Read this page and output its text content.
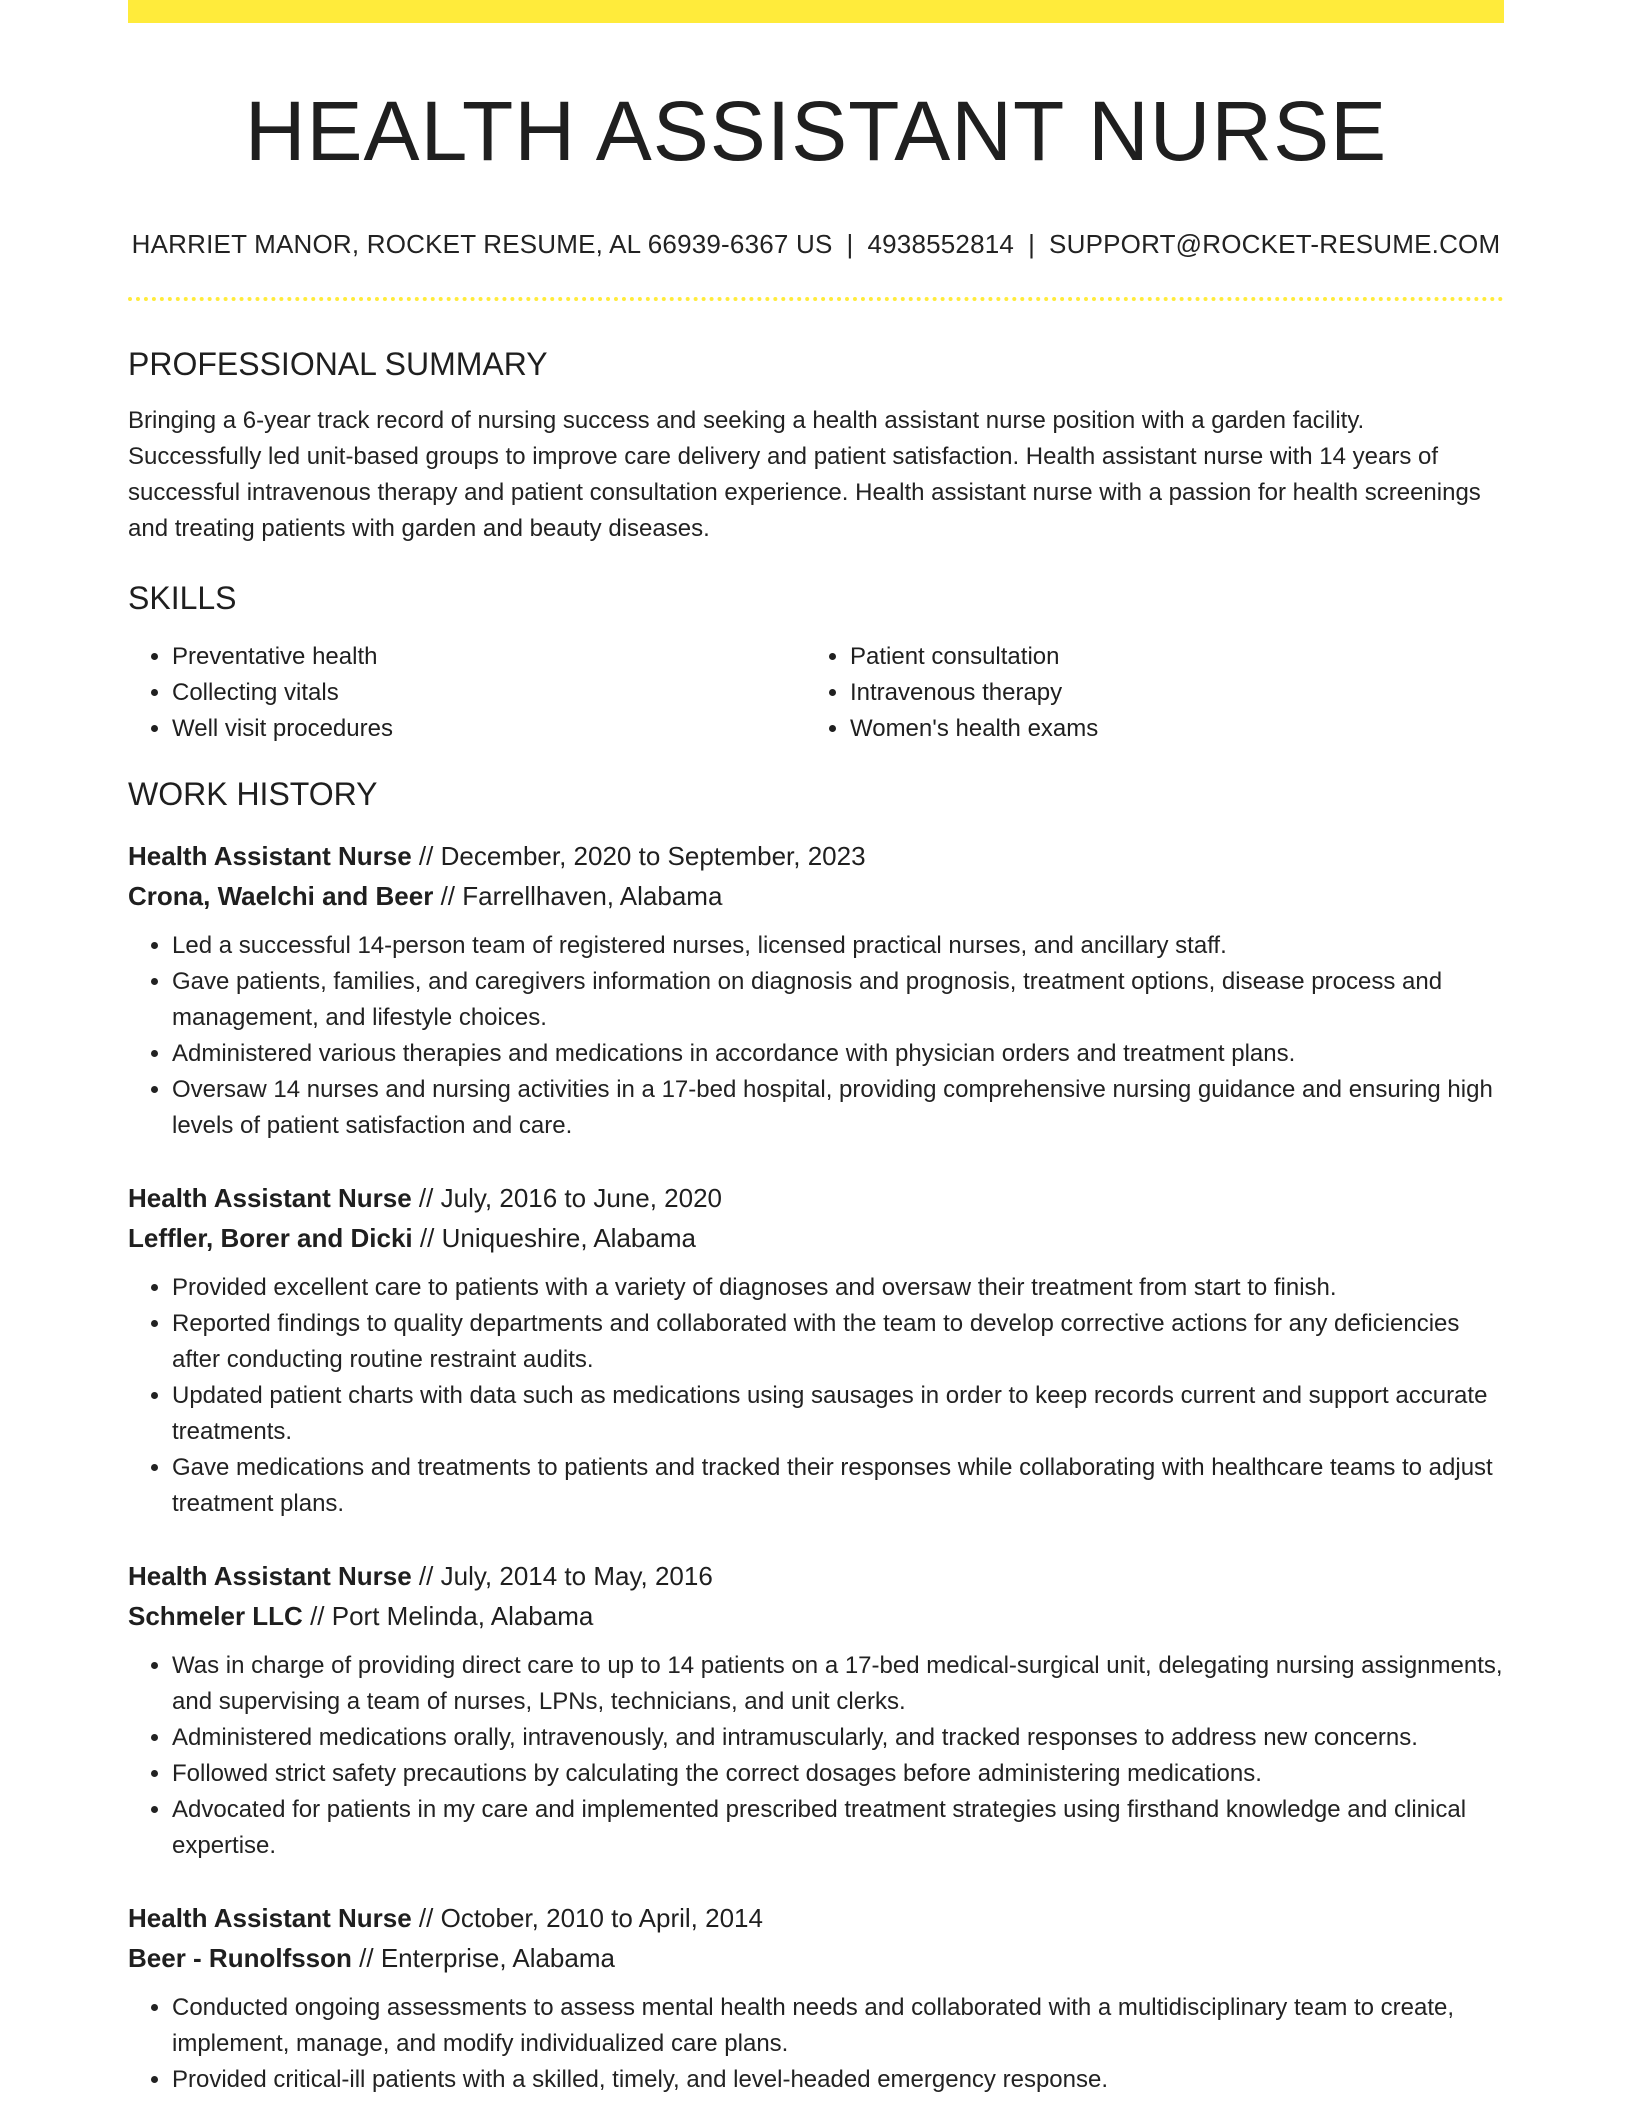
HEALTH ASSISTANT NURSE
HARRIET MANOR, ROCKET RESUME, AL 66939-6367 US | 4938552814 | SUPPORT@ROCKET-RESUME.COM
PROFESSIONAL SUMMARY

Bringing a 6-year track record of nursing success and seeking a health assistant nurse position with a garden facility. Successfully led unit-based groups to improve care delivery and patient satisfaction. Health assistant nurse with 14 years of successful intravenous therapy and patient consultation experience. Health assistant nurse with a passion for health screenings and treating patients with garden and beauty diseases.

SKILLS
• Preventative health
• Collecting vitals
• Well visit procedures
• Patient consultation
• Intravenous therapy
• Women's health exams
WORK HISTORY
Health Assistant Nurse // December, 2020 to September, 2023
Crona, Waelchi and Beer // Farrellhaven, Alabama
• Led a successful 14-person team of registered nurses, licensed practical nurses, and ancillary staff.
• Gave patients, families, and caregivers information on diagnosis and prognosis, treatment options, disease process and management, and lifestyle choices.
• Administered various therapies and medications in accordance with physician orders and treatment plans.
• Oversaw 14 nurses and nursing activities in a 17-bed hospital, providing comprehensive nursing guidance and ensuring high levels of patient satisfaction and care.
Health Assistant Nurse // July, 2016 to June, 2020
Leffler, Borer and Dicki // Uniqueshire, Alabama
• Provided excellent care to patients with a variety of diagnoses and oversaw their treatment from start to finish.
• Reported findings to quality departments and collaborated with the team to develop corrective actions for any deficiencies after conducting routine restraint audits.
• Updated patient charts with data such as medications using sausages in order to keep records current and support accurate treatments.
• Gave medications and treatments to patients and tracked their responses while collaborating with healthcare teams to adjust treatment plans.
Health Assistant Nurse // July, 2014 to May, 2016
Schmeler LLC // Port Melinda, Alabama
• Was in charge of providing direct care to up to 14 patients on a 17-bed medical-surgical unit, delegating nursing assignments, and supervising a team of nurses, LPNs, technicians, and unit clerks.
• Administered medications orally, intravenously, and intramuscularly, and tracked responses to address new concerns.
• Followed strict safety precautions by calculating the correct dosages before administering medications.
• Advocated for patients in my care and implemented prescribed treatment strategies using firsthand knowledge and clinical expertise.
Health Assistant Nurse // October, 2010 to April, 2014
Beer - Runolfsson // Enterprise, Alabama
• Conducted ongoing assessments to assess mental health needs and collaborated with a multidisciplinary team to create, implement, manage, and modify individualized care plans.
• Provided critical-ill patients with a skilled, timely, and level-headed emergency response.
